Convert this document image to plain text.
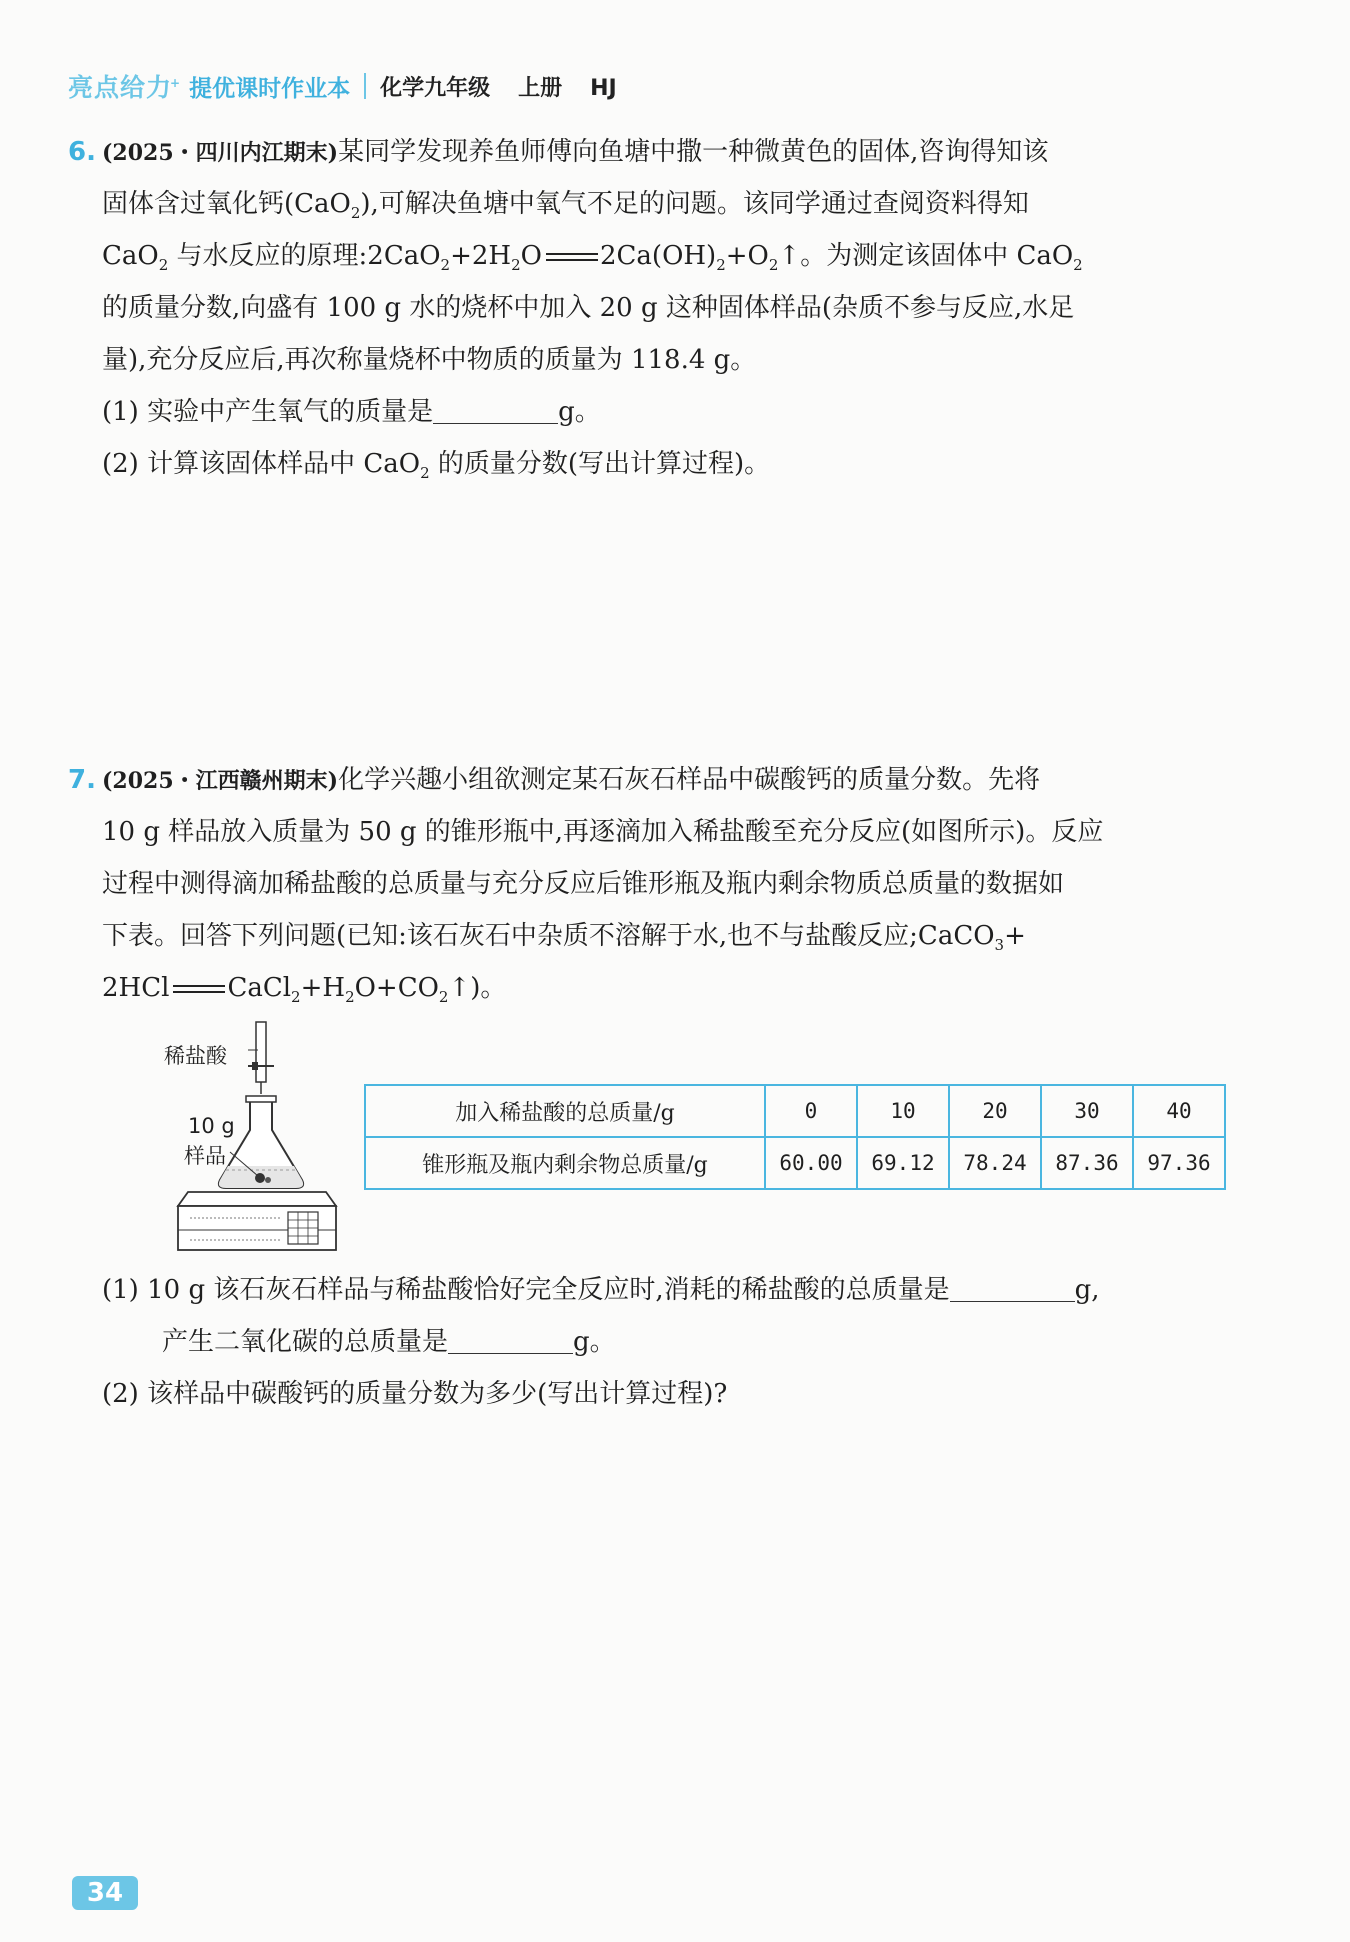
亮点给力+ 提优课时作业本 化学九年级 上册 HJ
6. (2025・四川内江期末)某同学发现养鱼师傅向鱼塘中撒一种微黄色的固体,咨询得知该
固体含过氧化钙(CaO$_2$),可解决鱼塘中氧气不足的问题。该同学通过查阅资料得知
CaO$_2$ 与水反应的原理$:2CaO_2+2H_2O$ $2Ca(OH)_2+O_2↑$。为测定该固体中 CaO$_2$
的质量分数,向盛有 100 g 水的烧杯中加入 20 g 这种固体样品(杂质不参与反应,水足
量),充分反应后,再次称量烧杯中物质的质量为 118.4 g。
(1) 实验中产生氧气的质量是	g。
(2) 计算该固体样品中 CaO$_2$ 的质量分数(写出计算过程)。
7. (2025・江西赣州期末)化学兴趣小组欲测定某石灰石样品中碳酸钙的质量分数。先将
10 g 样品放入质量为 50 g 的锥形瓶中,再逐滴加入稀盐酸至充分反应(如图所示)。反应
过程中测得滴加稀盐酸的总质量与充分反应后锥形瓶及瓶内剩余物质总质量的数据如
下表。回答下列问题(已知:该石灰石中杂质不溶解于水,也不与盐酸反应;CaCO$_3$+
2HCl $CaCl_2+H_2O+CO_2↑$)。
稀盐酸
10 g
样品
加入稀盐酸的总质量/g	0	10	20	30	40
锥形瓶及瓶内剩余物总质量/g	60.00	69.12	78.24	87.36	97.36
(1) 10 g 该石灰石样品与稀盐酸恰好完全反应时,消耗的稀盐酸的总质量是	g,
产生二氧化碳的总质量是	g。
(2) 该样品中碳酸钙的质量分数为多少(写出计算过程)?
34
